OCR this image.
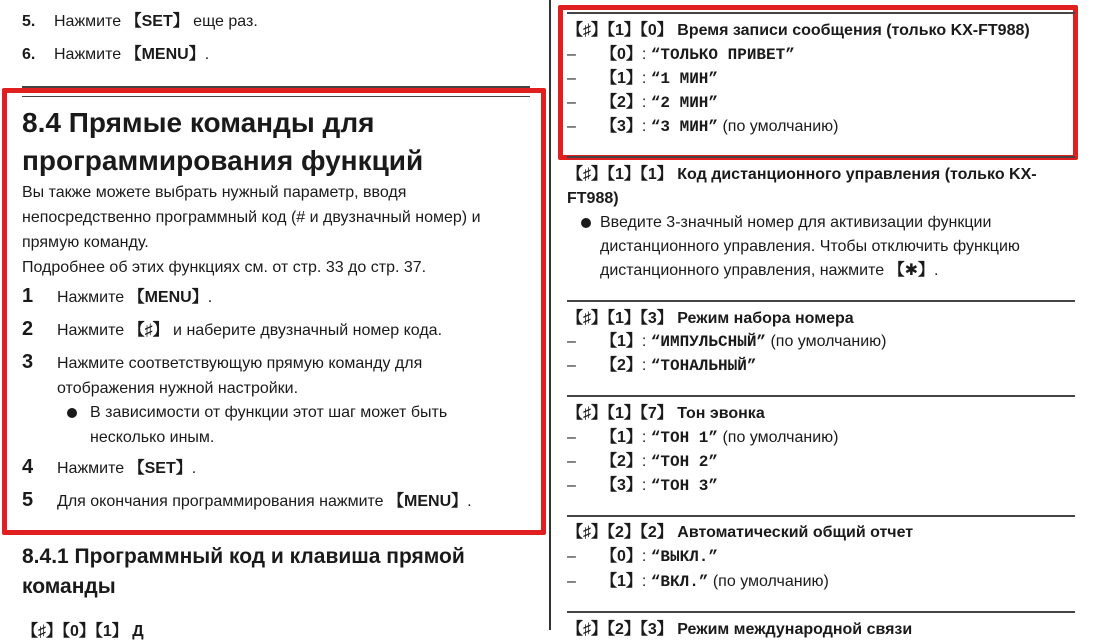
5. Нажмите 【SET】 еще раз.
6. Нажмите 【MENU】.
8.4 Прямые команды для
программирования функций
Вы также можете выбрать нужный параметр, вводя
непосредственно программный код (# и двузначный номер) и
прямую команду.
Подробнее об этих функциях см. от стр. 33 до стр. 37.
1 Нажмите 【MENU】.
2 Нажмите 【♯】 и наберите двузначный номер кода.
3 Нажмите соответствующую прямую команду для
отображения нужной настройки.
В зависимости от функции этот шаг может быть
несколько иным.
4 Нажмите 【SET】.
5 Для окончания программирования нажмите 【MENU】.
8.4.1 Программный код и клавиша прямой
команды
【♯】【0】【1】 Д
【♯】【1】【0】 Время записи сообщения (только KX-FT988)
– 【0】: “ТОЛЬКО ПРИВЕТ”
– 【1】: “1 МИН”
– 【2】: “2 МИН”
– 【3】: “3 МИН” (по умолчанию)
【♯】【1】【1】 Код дистанционного управления (только KX-
FT988)
Введите 3-значный номер для активизации функции
дистанционного управления. Чтобы отключить функцию
дистанционного управления, нажмите 【✱】.
【♯】【1】【3】 Режим набора номера
– 【1】: “ИМПУЛЬСНЫЙ” (по умолчанию)
– 【2】: “ТОНАЛЬНЫЙ”
【♯】【1】【7】 Тон эвонка
– 【1】: “ТОН 1” (по умолчанию)
– 【2】: “ТОН 2”
– 【3】: “ТОН 3”
【♯】【2】【2】 Автоматический общий отчет
– 【0】: “ВЫКЛ.”
– 【1】: “ВКЛ.” (по умолчанию)
【♯】【2】【3】 Режим международной связи
